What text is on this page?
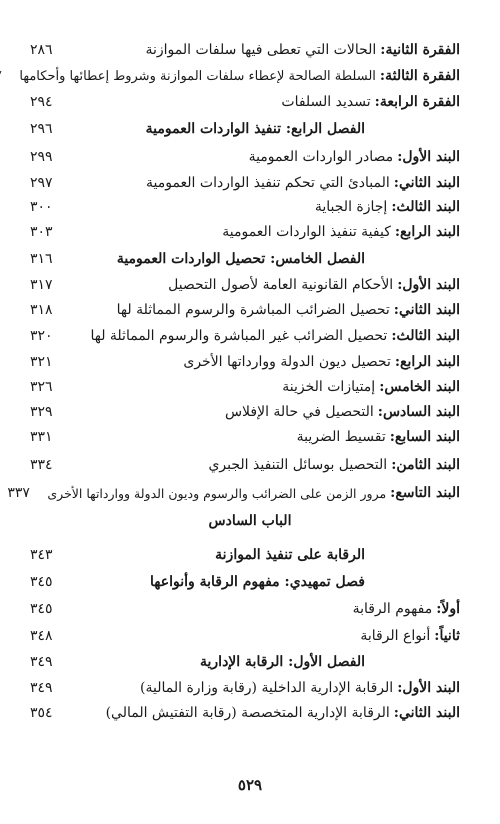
الفقرة الثانية
:
الحالات التي تعطى فيها سلفات الموازنة
٢٨٦
الفقرة الثالثة
:
السلطة الصالحة لإعطاء سلفات الموازنة وشروط إعطائها وأحكامها
الفقرة الرابعة
:
تسديد السلفات
٢٩٤
الفصل الرابع: تنفيذ الواردات العمومية
٢٩٦
البند الأول
:
مصادر الواردات العمومية
٢٩٩
البند الثاني
:
المبادئ التي تحكم تنفيذ الواردات العمومية
٢٩٧
البند الثالث
:
إجازة الجباية
٣٠٠
البند الرابع
:
كيفية تنفيذ الواردات العمومية
٣٠٣
الفصل الخامس: تحصيل الواردات العمومية
٣١٦
البند الأول
:
الأحكام القانونية العامة لأصول التحصيل
٣١٧
البند الثاني
:
تحصيل الضرائب المباشرة والرسوم المماثلة لها
٣١٨
البند الثالث
:
تحصيل الضرائب غير المباشرة والرسوم المماثلة لها
٣٢٠
البند الرابع
:
تحصيل ديون الدولة ووارداتها الأخرى
٣٢١
البند الخامس
:
إمتيازات الخزينة
٣٢٦
البند السادس
:
التحصيل في حالة الإفلاس
٣٢٩
البند السابع
:
تقسيط الضريبة
٣٣١
البند الثامن
:
التحصيل بوسائل التنفيذ الجبري
٣٣٤
البند التاسع
:
مرور الزمن على الضرائب والرسوم وديون الدولة ووارداتها الأخرى
٣٣٧
الباب السادس
الرقابة على تنفيذ الموازنة
٣٤٣
فصل تمهيدي: مفهوم الرقابة وأنواعها
٣٤٥
أولاً
:
مفهوم الرقابة
٣٤٥
ثانياً
:
أنواع الرقابة
٣٤٨
الفصل الأول: الرقابة الإدارية
٣٤٩
البند الأول
:
الرقابة الإدارية الداخلية (رقابة وزارة المالية)
٣٤٩
البند الثاني
:
الرقابة الإدارية المتخصصة (رقابة التفتيش المالي)
٣٥٤
٥٢٩
